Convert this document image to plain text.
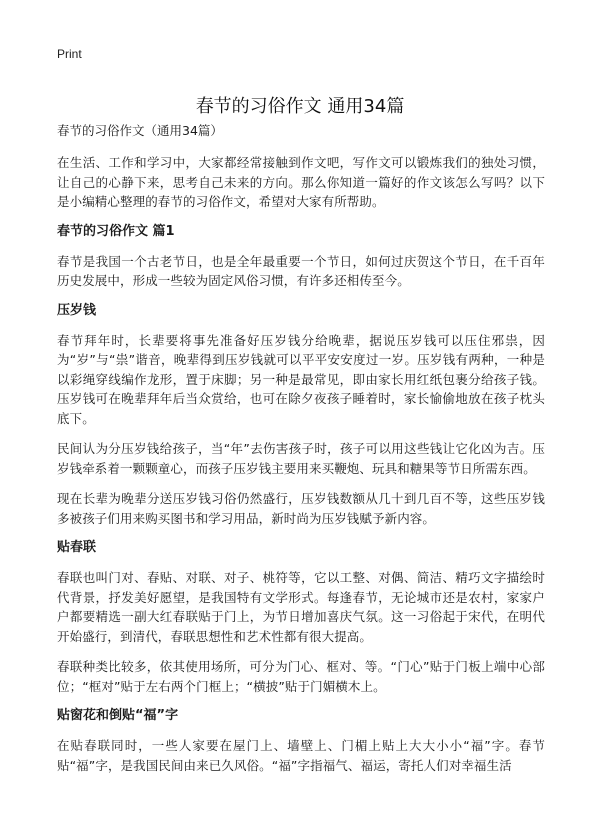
Print
春节的习俗作文 通用34篇
春节的习俗作文（通用34篇）

在生活、工作和学习中，大家都经常接触到作文吧，写作文可以锻炼我们的独处习惯，让自己的心静下来，思考自己未来的方向。那么你知道一篇好的作文该怎么写吗？以下是小编精心整理的春节的习俗作文，希望对大家有所帮助。

春节的习俗作文 篇1

春节是我国一个古老节日，也是全年最重要一个节日，如何过庆贺这个节日，在千百年历史发展中，形成一些较为固定风俗习惯，有许多还相传至今。

压岁钱

春节拜年时，长辈要将事先准备好压岁钱分给晚辈，据说压岁钱可以压住邪祟，因为“岁”与“祟”谐音，晚辈得到压岁钱就可以平平安安度过一岁。压岁钱有两种，一种是以彩绳穿线编作龙形，置于床脚；另一种是最常见，即由家长用红纸包裹分给孩子钱。压岁钱可在晚辈拜年后当众赏给，也可在除夕夜孩子睡着时，家长愉偷地放在孩子枕头底下。

民间认为分压岁钱给孩子，当“年”去伤害孩子时，孩子可以用这些钱让它化凶为吉。压岁钱牵系着一颗颗童心，而孩子压岁钱主要用来买鞭炮、玩具和糖果等节日所需东西。

现在长辈为晚辈分送压岁钱习俗仍然盛行，压岁钱数额从几十到几百不等，这些压岁钱多被孩子们用来购买图书和学习用品，新时尚为压岁钱赋予新内容。

贴春联

春联也叫门对、春贴、对联、对子、桃符等，它以工整、对偶、简洁、精巧文字描绘时代背景，抒发美好愿望，是我国特有文学形式。每逢春节，无论城市还是农村，家家户户都要精选一副大红春联贴于门上，为节日增加喜庆气氛。这一习俗起于宋代，在明代开始盛行，到清代，春联思想性和艺术性都有很大提高。

春联种类比较多，依其使用场所，可分为门心、框对、等。“门心”贴于门板上端中心部位；“框对”贴于左右两个门框上；“横披”贴于门媚横木上。

贴窗花和倒贴“福”字

在贴春联同时，一些人家要在屋门上、墙壁上、门楣上贴上大大小小“福”字。春节贴“福”字，是我国民间由来已久风俗。“福”字指福气、福运，寄托人们对幸福生活
